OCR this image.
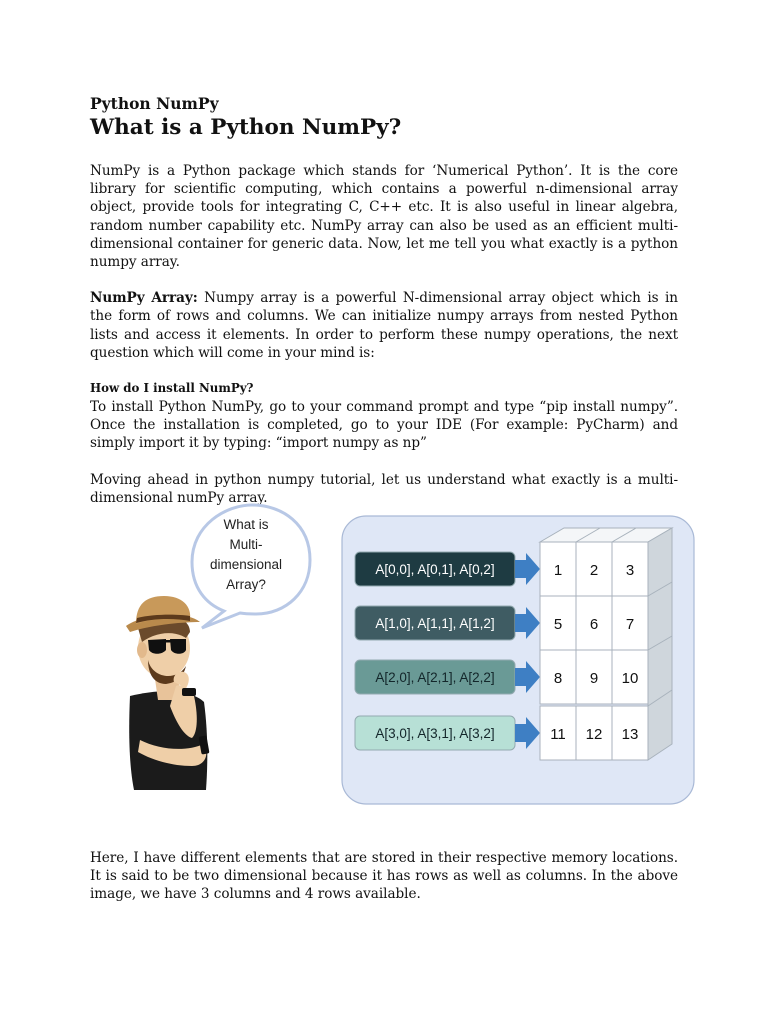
Python NumPy
What is a Python NumPy?

NumPy is a Python package which stands for ‘Numerical Python’. It is the core library for scientific computing, which contains a powerful n-dimensional array object, provide tools for integrating C, C++ etc. It is also useful in linear algebra, random number capability etc. NumPy array can also be used as an efficient multi-dimensional container for generic data. Now, let me tell you what exactly is a python numpy array.

NumPy Array: Numpy array is a powerful N-dimensional array object which is in the form of rows and columns. We can initialize numpy arrays from nested Python lists and access it elements. In order to perform these numpy operations, the next question which will come in your mind is:

How do I install NumPy?

To install Python NumPy, go to your command prompt and type “pip install numpy”. Once the installation is completed, go to your IDE (For example: PyCharm) and simply import it by typing: “import numpy as np”

Moving ahead in python numpy tutorial, let us understand what exactly is a multi-dimensional numPy array.

What is
Multi-
dimensional
Array?
A[0,0], A[0,1], A[0,2]	1 2 3
A[1,0], A[1,1], A[1,2]	5 6 7
A[2,0], A[2,1], A[2,2]	8 9 10
A[3,0], A[3,1], A[3,2]	11 12 13

Here, I have different elements that are stored in their respective memory locations. It is said to be two dimensional because it has rows as well as columns. In the above image, we have 3 columns and 4 rows available.
